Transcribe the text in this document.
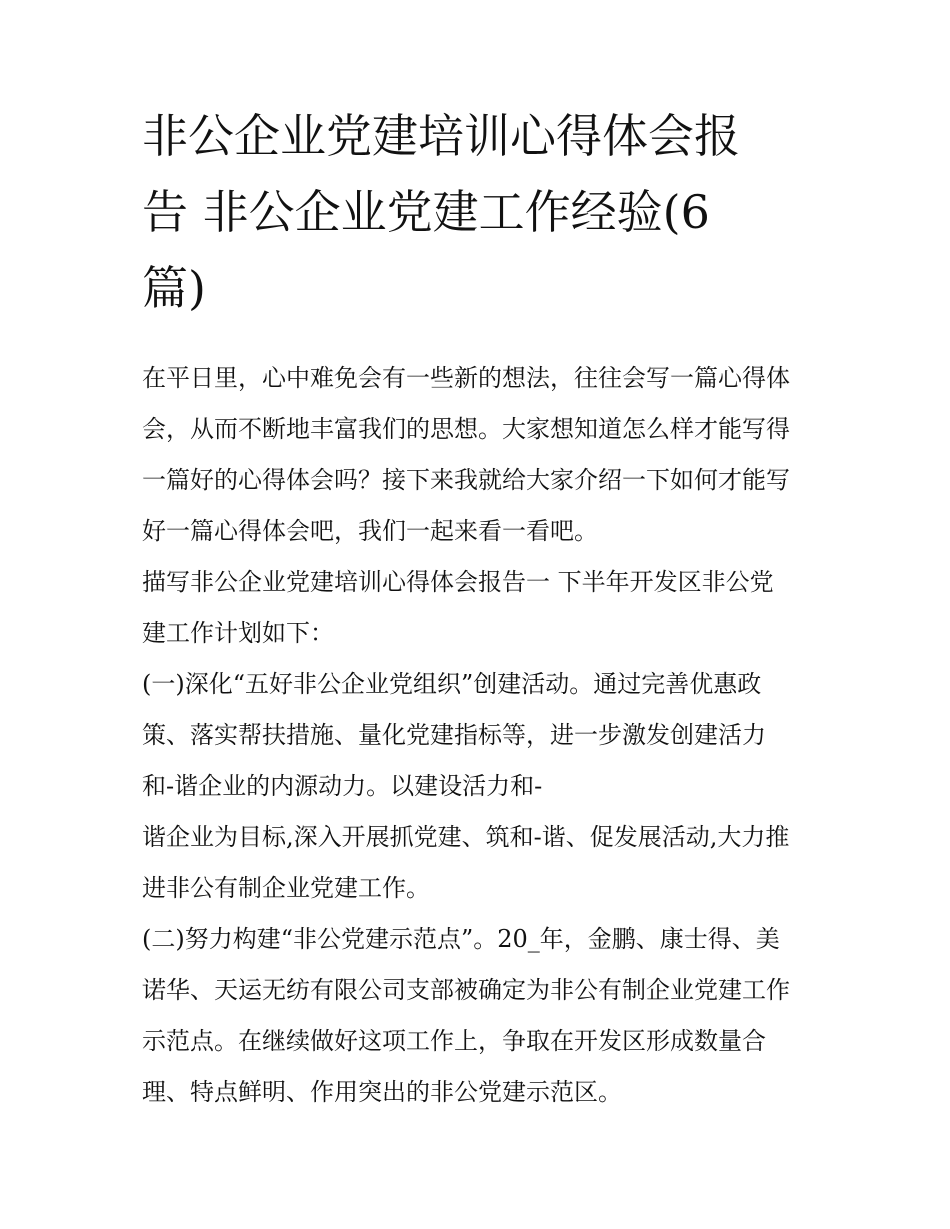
非公企业党建培训心得体会报
告 非公企业党建工作经验(6
篇)
在平日里，心中难免会有一些新的想法，往往会写一篇心得体
会，从而不断地丰富我们的思想。大家想知道怎么样才能写得
一篇好的心得体会吗？接下来我就给大家介绍一下如何才能写
好一篇心得体会吧，我们一起来看一看吧。
描写非公企业党建培训心得体会报告一 下半年开发区非公党
建工作计划如下：
(一)深化“五好非公企业党组织”创建活动。通过完善优惠政
策、落实帮扶措施、量化党建指标等，进一步激发创建活力
和-谐企业的内源动力。以建设活力和-
谐企业为目标,深入开展抓党建、筑和-谐、促发展活动,大力推
进非公有制企业党建工作。
(二)努力构建“非公党建示范点”。20_年，金鹏、康士得、美
诺华、天运无纺有限公司支部被确定为非公有制企业党建工作
示范点。在继续做好这项工作上，争取在开发区形成数量合
理、特点鲜明、作用突出的非公党建示范区。
